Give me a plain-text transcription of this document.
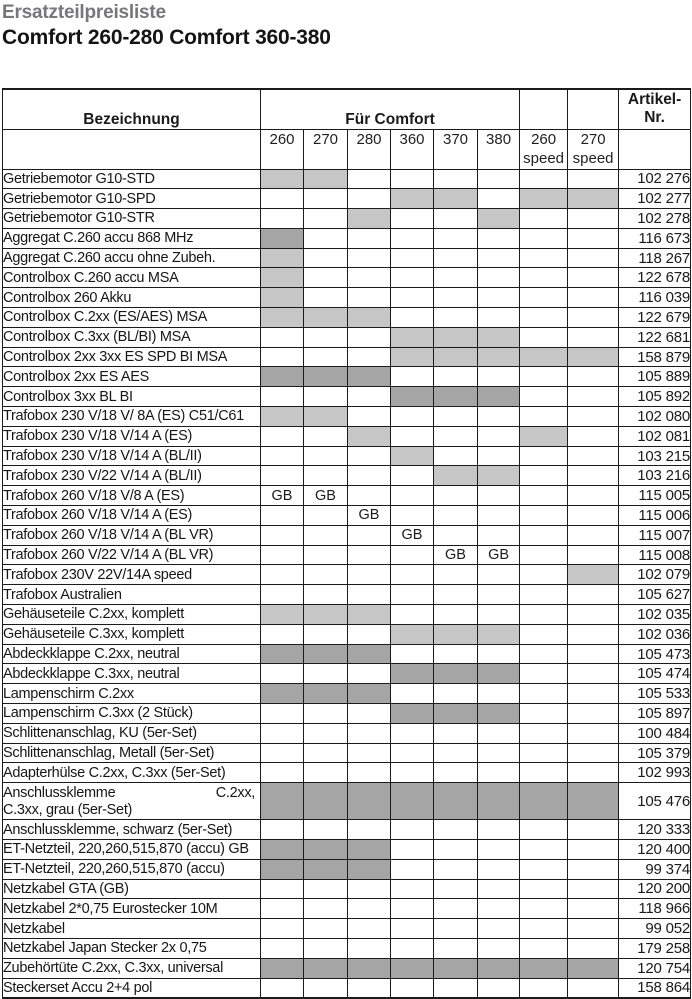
Ersatzteilpreisliste
Comfort 260-280 Comfort 360-380
Bezeichnung	Für Comfort								Artikel-
Nr.

	260	270	280	360	370	380	260
speed	270
speed	

Getriebemotor G10-STD									102 276
Getriebemotor G10-SPD									102 277
Getriebemotor G10-STR									102 278
Aggregat C.260 accu 868 MHz									116 673
Aggregat C.260 accu ohne Zubeh.									118 267
Controlbox C.260 accu MSA									122 678
Controlbox 260 Akku									116 039
Controlbox C.2xx (ES/AES) MSA									122 679
Controlbox C.3xx (BL/BI) MSA									122 681
Controlbox 2xx 3xx ES SPD BI MSA									158 879
Controlbox 2xx ES AES									105 889
Controlbox 3xx BL BI									105 892
Trafobox 230 V/18 V/ 8A (ES) C51/C61									102 080
Trafobox 230 V/18 V/14 A (ES)									102 081
Trafobox 230 V/18 V/14 A (BL/II)									103 215
Trafobox 230 V/22 V/14 A (BL/II)									103 216
Trafobox 260 V/18 V/8 A (ES)	GB	GB							115 005
Trafobox 260 V/18 V/14 A (ES)			GB						115 006
Trafobox 260 V/18 V/14 A (BL VR)				GB					115 007
Trafobox 260 V/22 V/14 A (BL VR)					GB	GB			115 008
Trafobox 230V 22V/14A speed									102 079
Trafobox Australien									105 627
Gehäuseteile C.2xx, komplett									102 035
Gehäuseteile C.3xx, komplett									102 036
Abdeckklappe C.2xx, neutral									105 473
Abdeckklappe C.3xx, neutral									105 474
Lampenschirm C.2xx									105 533
Lampenschirm C.3xx (2 Stück)									105 897
Schlittenanschlag, KU (5er-Set)									100 484
Schlittenanschlag, Metall (5er-Set)									105 379
Adapterhülse C.2xx, C.3xx (5er-Set)									102 993

Anschlussklemme C.2xx,
C.3xx, grau (5er-Set)									105 476
Anschlussklemme, schwarz (5er-Set)									120 333
ET-Netzteil, 220,260,515,870 (accu) GB									120 400
ET-Netzteil, 220,260,515,870 (accu)									99 374
Netzkabel GTA (GB)									120 200
Netzkabel 2*0,75 Eurostecker 10M									118 966
Netzkabel									99 052
Netzkabel Japan Stecker 2x 0,75									179 258
Zubehörtüte C.2xx, C.3xx, universal									120 754
Steckerset Accu 2+4 pol									158 864
